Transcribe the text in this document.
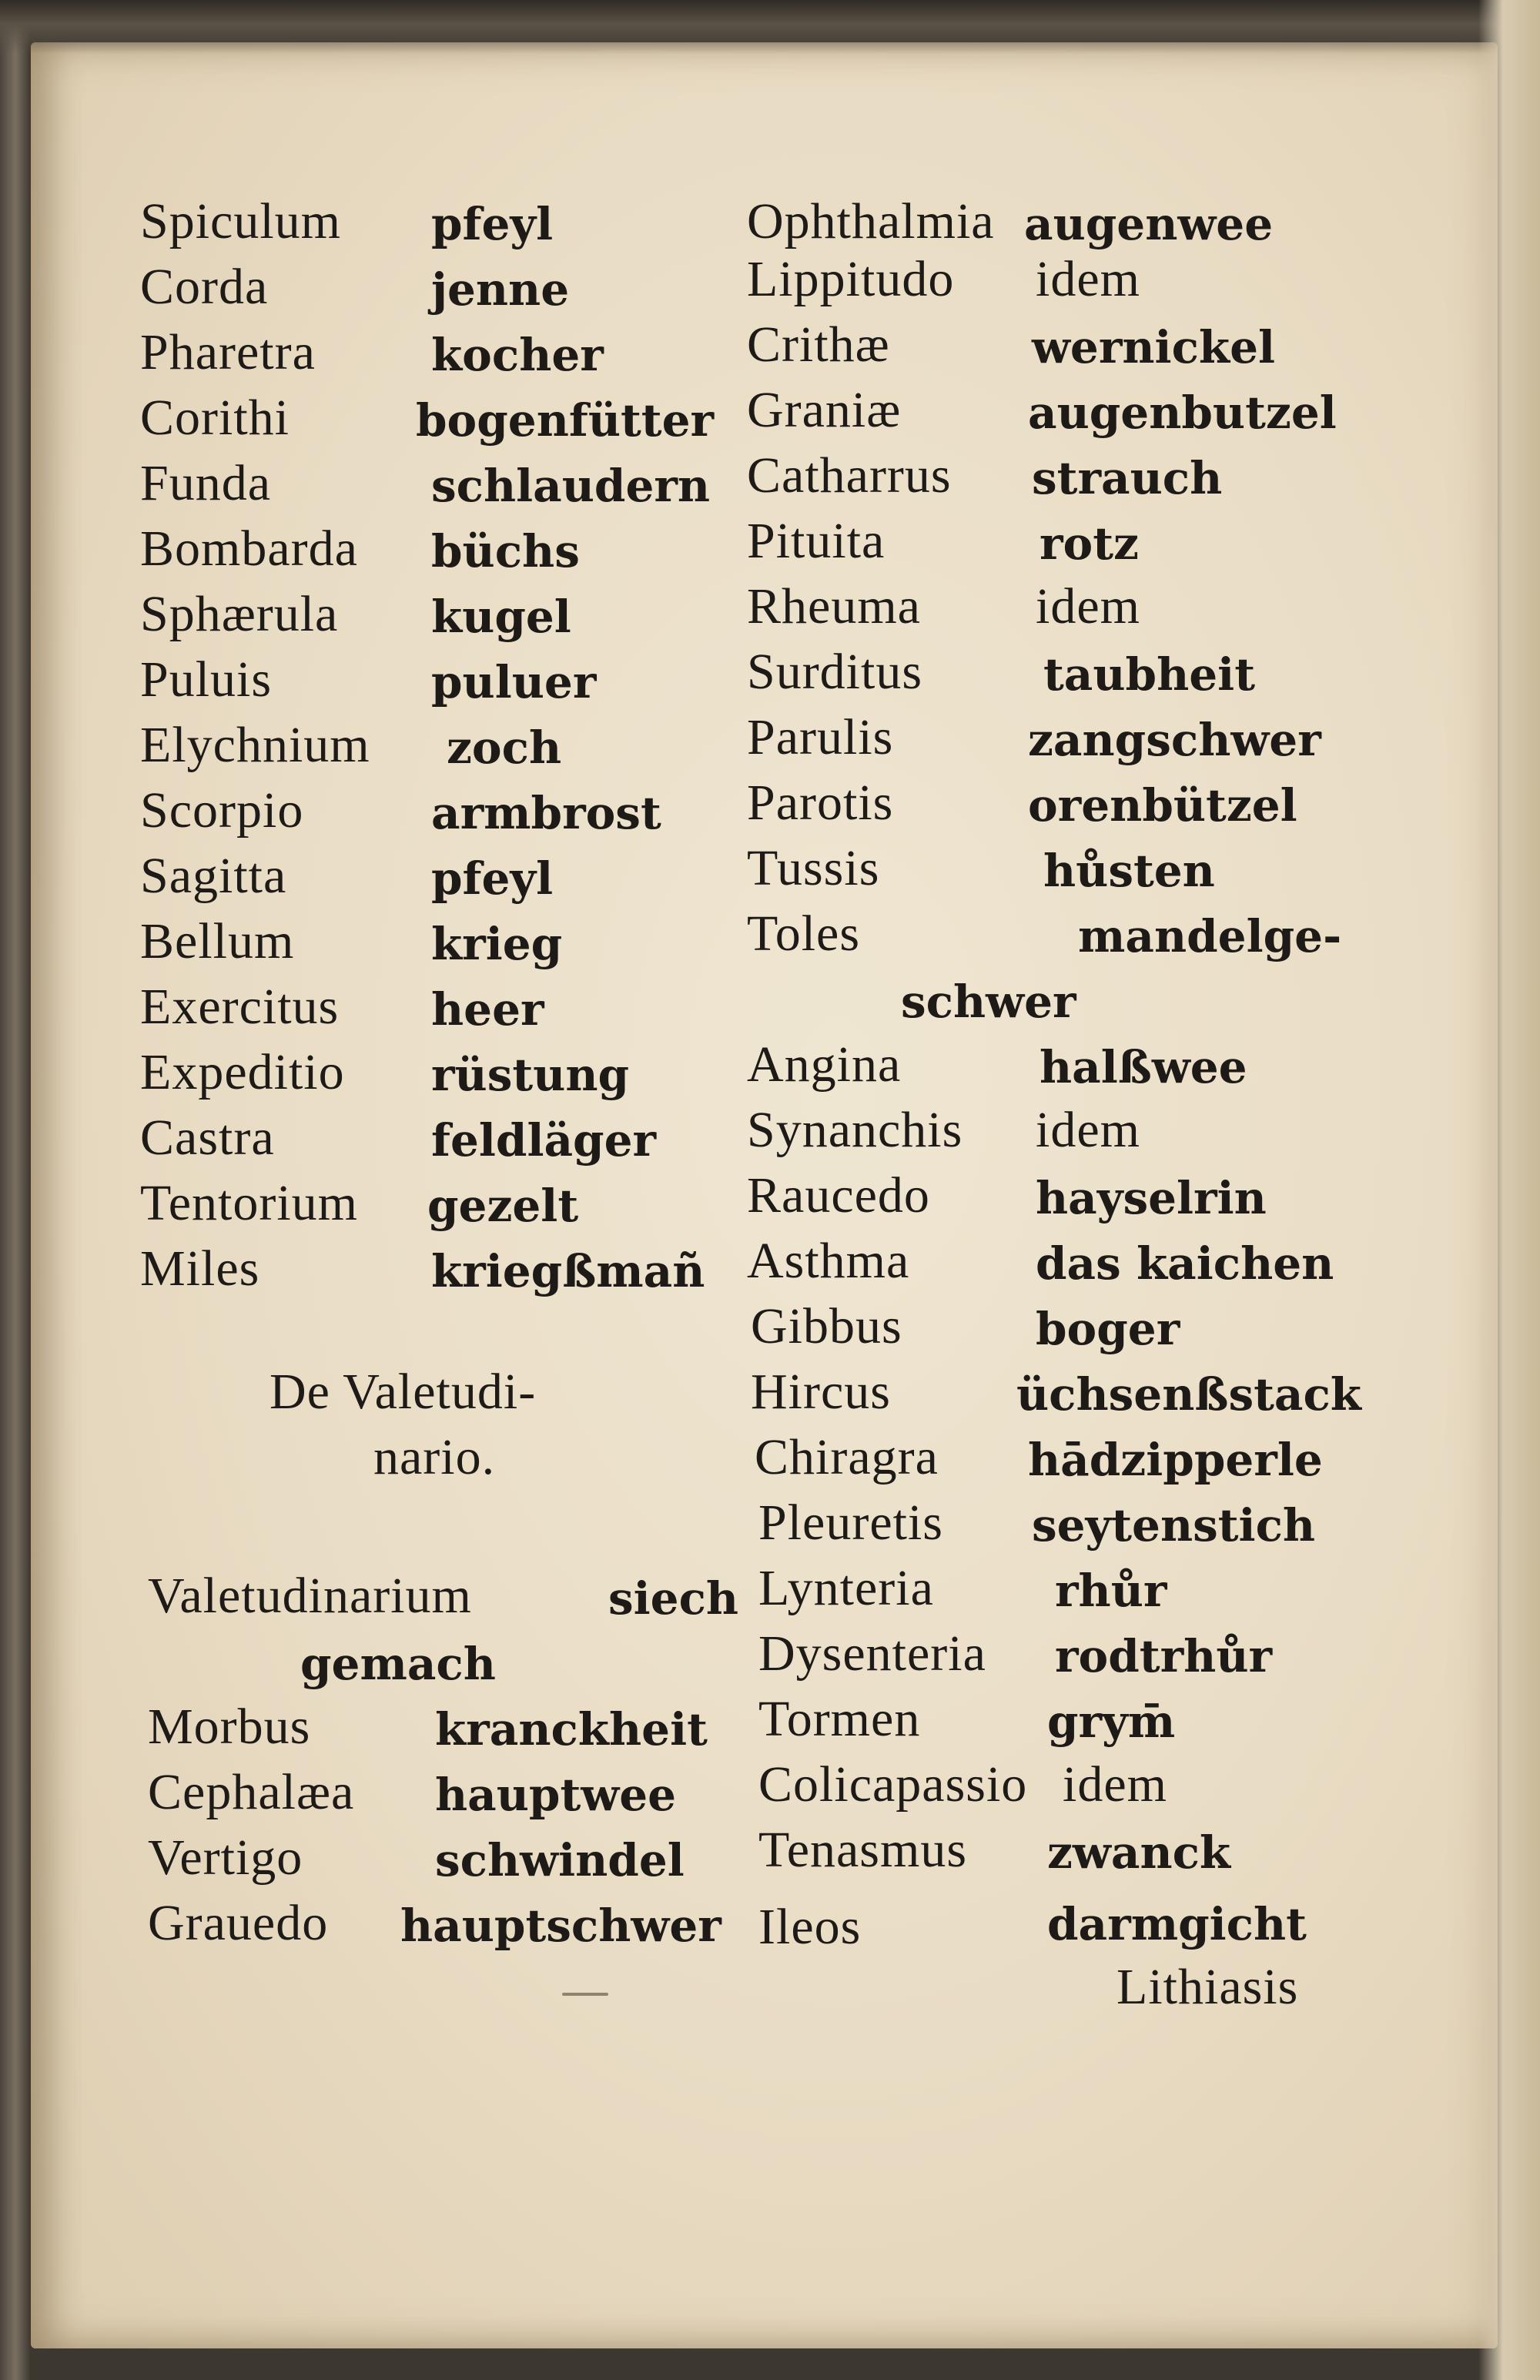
Spiculum pfeyl
Corda	jenne
Pharetra	kocher
Corithi	bogenfütter
Funda	schlaudern
Bombarda büchs
Sphærula kugel
Puluis	puluer
Elychnium zoch
Scorpio	armbrost
Sagitta	pfeyl
Bellum	krieg
Exercitus heer
Expeditio rüstung
Castra	feldläger
Tentorium gezelt
Miles	kriegßmañ
De Valetudi-
nario.
Valetudinarium	siech
gemach
Morbus	kranckheit
Cephalæa hauptwee
Vertigo	schwindel
Grauedo hauptschwer
Ophthalmia augenwee
Lippitudo idem
Crithæ	wernickel
Graniæ	augenbutzel
Catharrus strauch
Pituita	rotz
Rheuma idem
Surditus	taubheit
Parulis	zangschwer
Parotis	orenbützel
Tussis	hůsten
Toles	mandelge-
schwer
Angina	halßwee
Synanchis idem
Raucedo hayselrin
Asthma	das kaichen
Gibbus	boger
Hircus	üchsenßstack
Chiragra hādzipperle
Pleuretis seytenstich
Lynteria	rhůr
Dysenteria rodtrhůr
Tormen	grym̄
Colicapassio idem
Tenasmus zwanck
Ileos	darmgicht
Lithiasis
